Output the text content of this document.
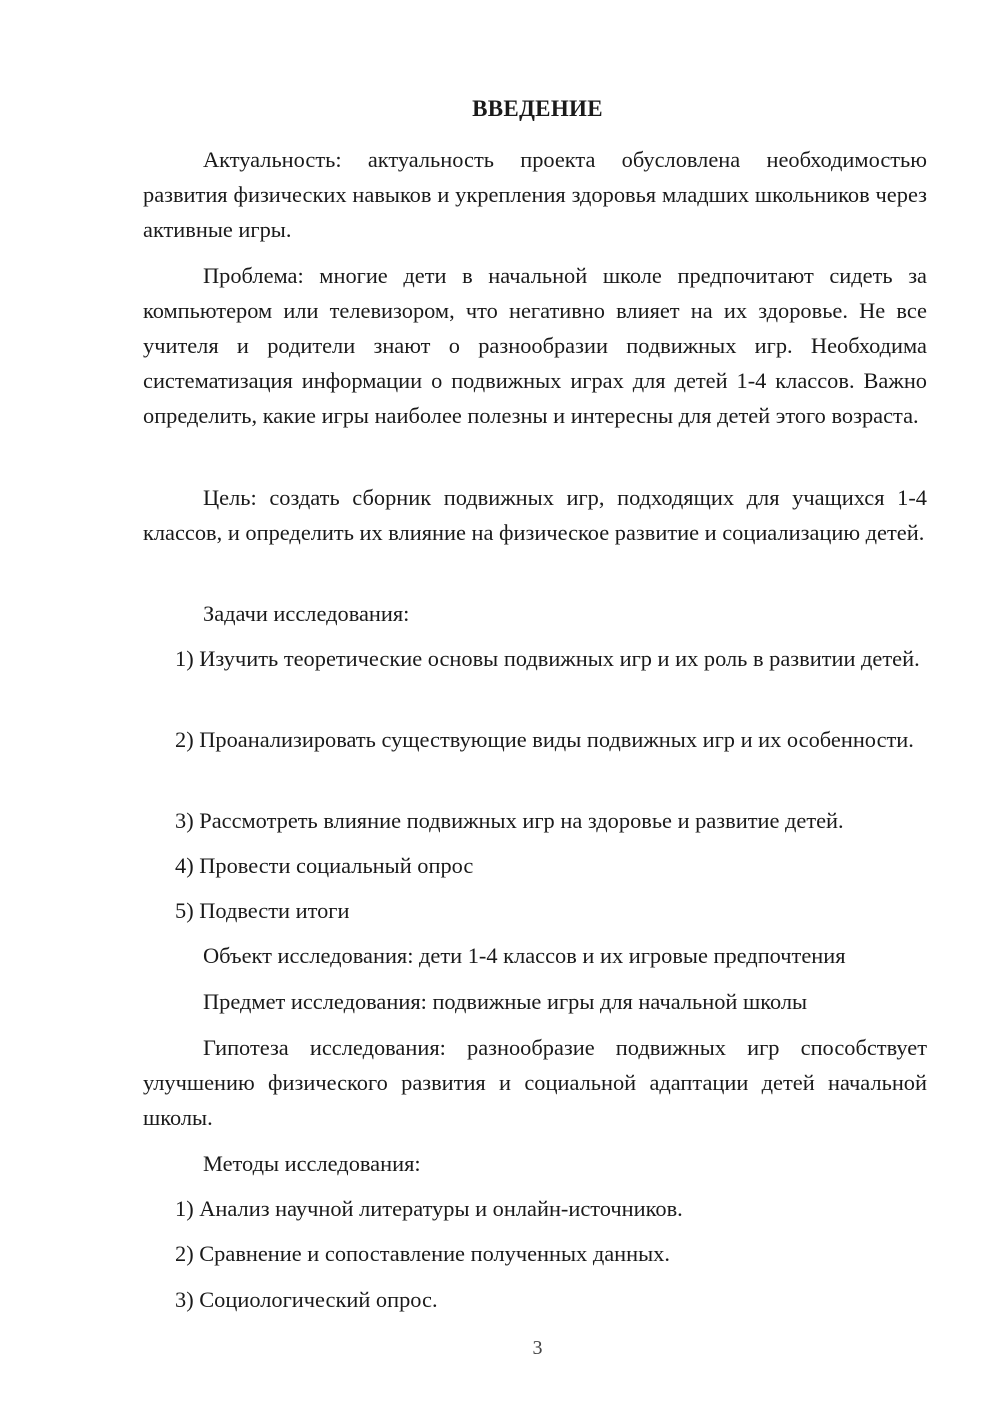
ВВЕДЕНИЕ

Актуальность: актуальность проекта обусловлена необходимостью развития физических навыков и укрепления здоровья младших школьников через активные игры.

Проблема: многие дети в начальной школе предпочитают сидеть за компьютером или телевизором, что негативно влияет на их здоровье. Не все учителя и родители знают о разнообразии подвижных игр. Необходима систематизация информации о подвижных играх для детей 1-4 классов. Важно определить, какие игры наиболее полезны и интересны для детей этого возраста.

Цель: создать сборник подвижных игр, подходящих для учащихся 1-4 классов, и определить их влияние на физическое развитие и социализацию детей.

Задачи исследования:

1) Изучить теоретические основы подвижных игр и их роль в развитии детей.

2) Проанализировать существующие виды подвижных игр и их особенности.

3) Рассмотреть влияние подвижных игр на здоровье и развитие детей.

4) Провести социальный опрос

5) Подвести итоги

Объект исследования: дети 1-4 классов и их игровые предпочтения

Предмет исследования: подвижные игры для начальной школы

Гипотеза исследования: разнообразие подвижных игр способствует улучшению физического развития и социальной адаптации детей начальной школы.

Методы исследования:

1) Анализ научной литературы и онлайн-источников.

2) Сравнение и сопоставление полученных данных.

3) Социологический опрос.

3
